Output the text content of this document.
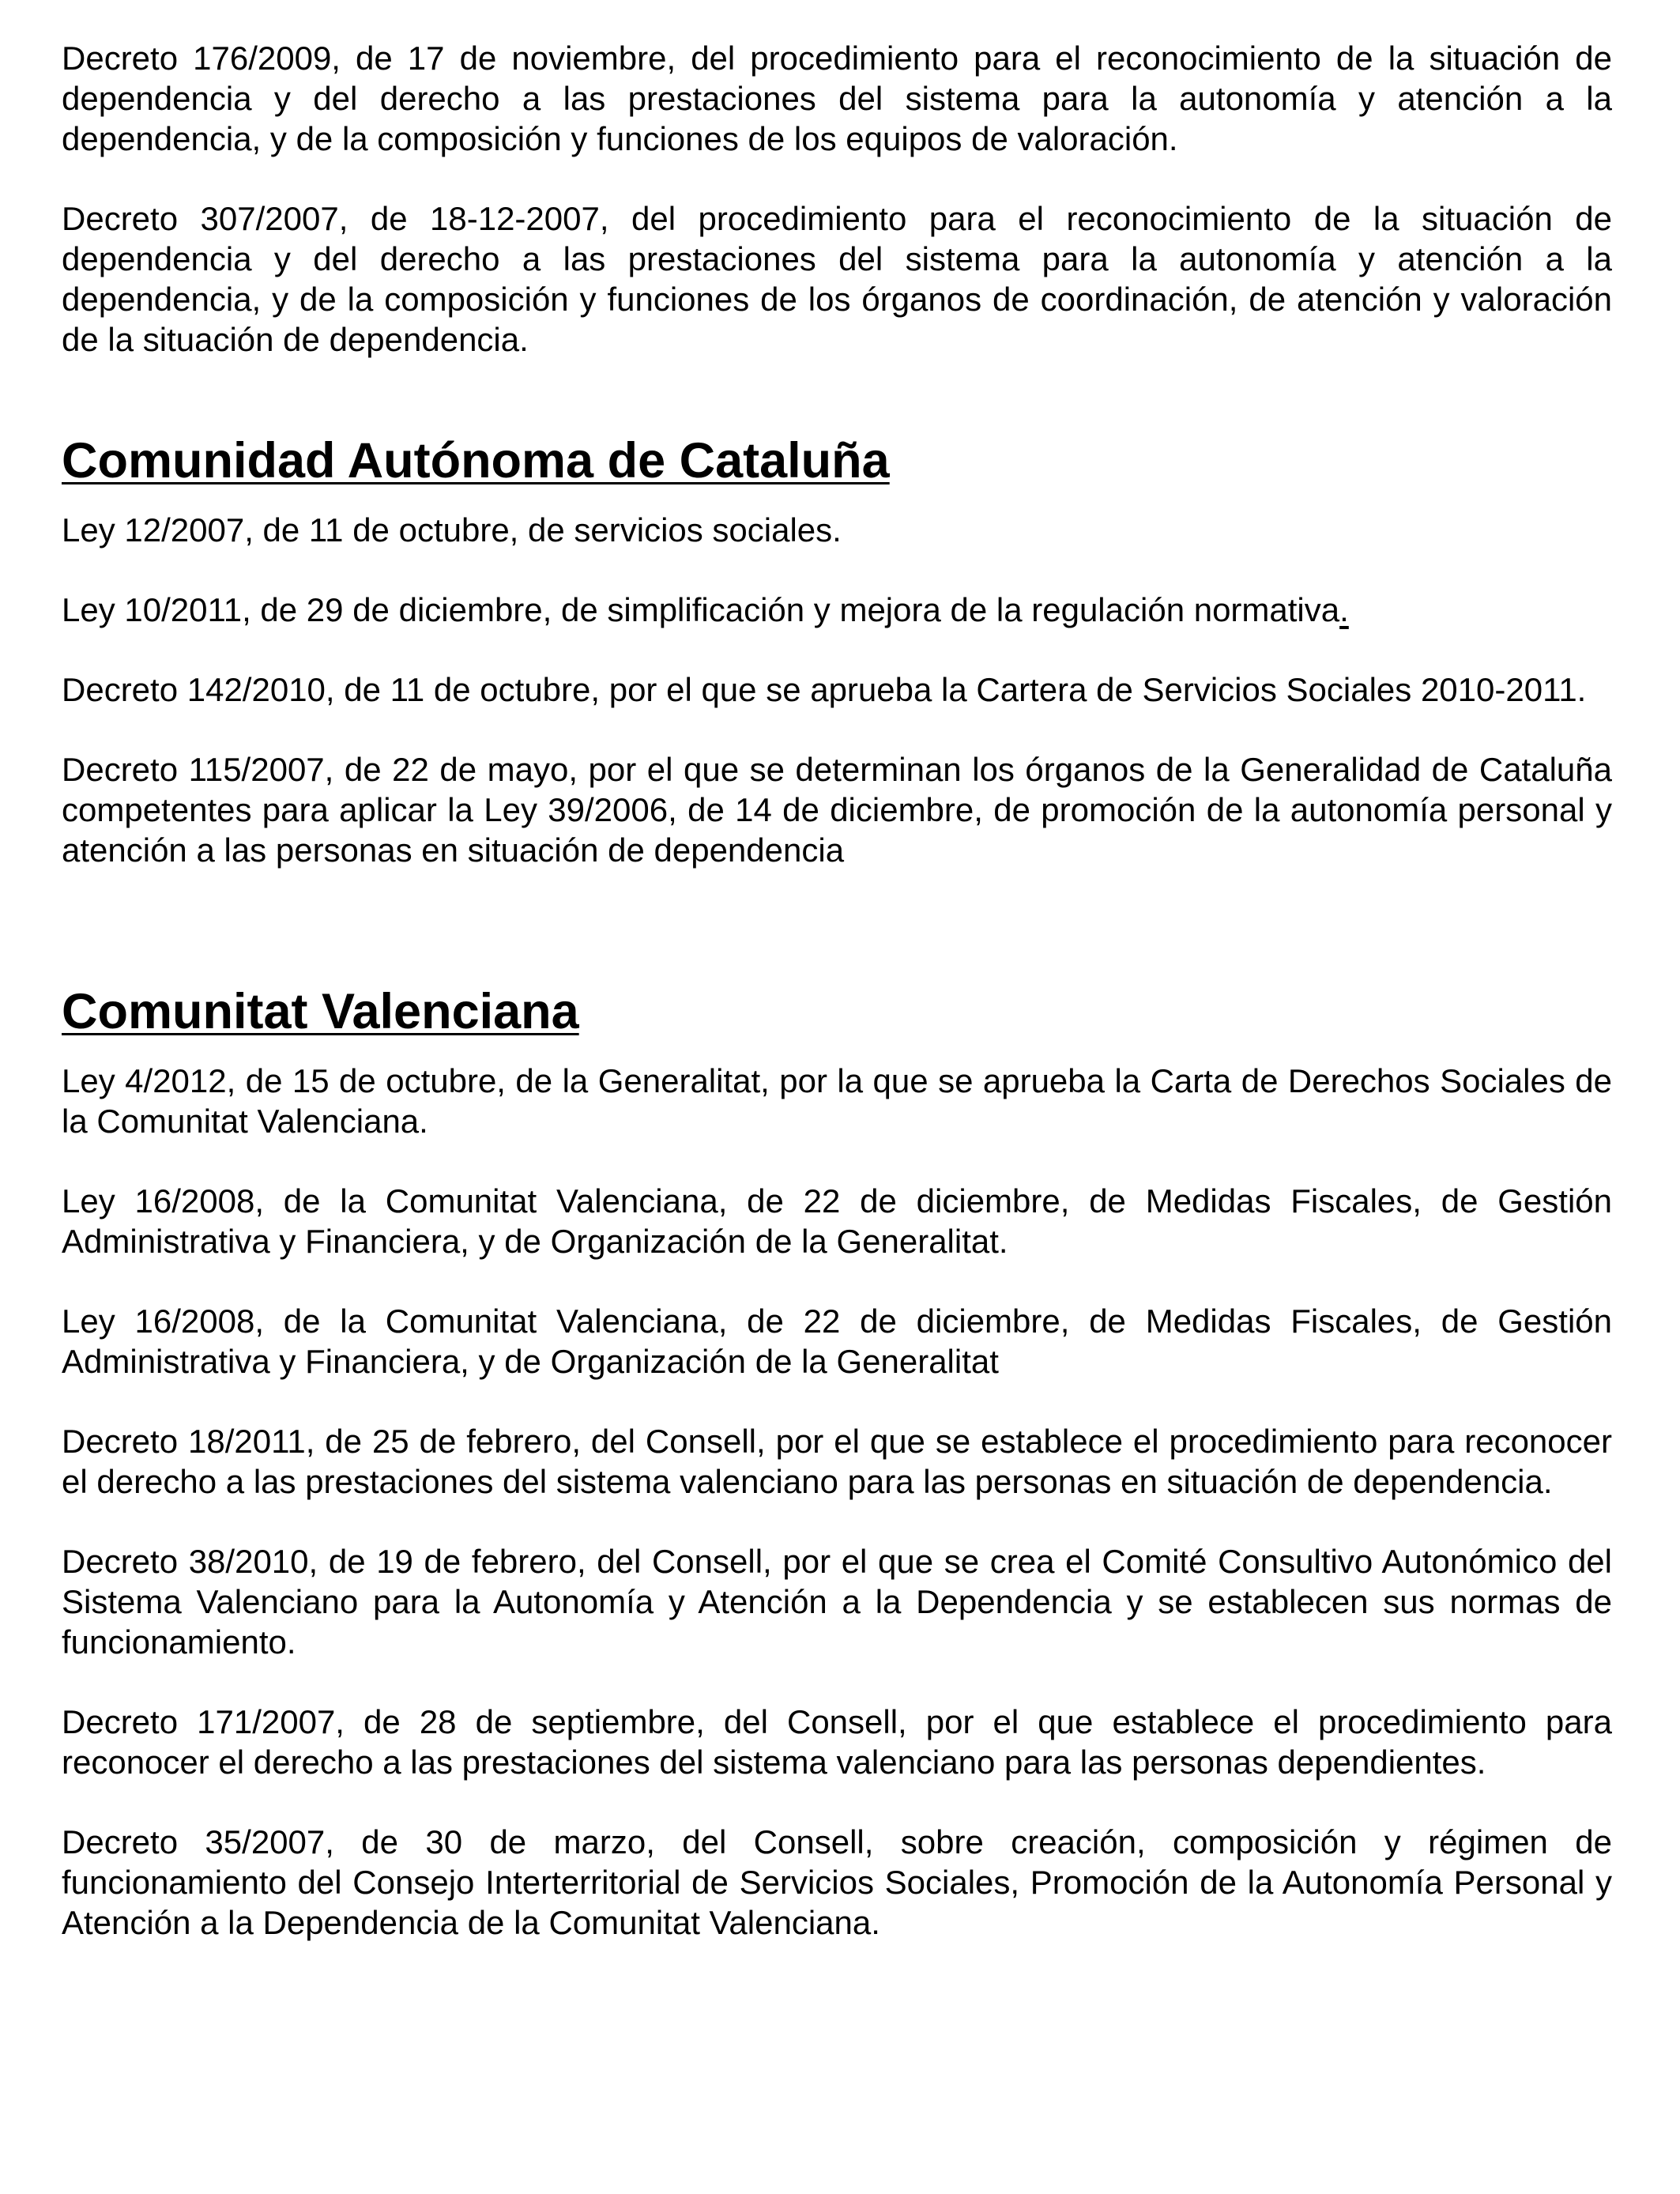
Decreto 176/2009, de 17 de noviembre, del procedimiento para el reconocimiento de la situación de dependencia y del derecho a las prestaciones del sistema para la autonomía y atención a la dependencia, y de la composición y funciones de los equipos de valoración.

Decreto 307/2007, de 18-12-2007, del procedimiento para el reconocimiento de la situación de dependencia y del derecho a las prestaciones del sistema para la autonomía y atención a la dependencia, y de la composición y funciones de los órganos de coordinación, de atención y valoración de la situación de dependencia.

Comunidad Autónoma de Cataluña

Ley 12/2007, de 11 de octubre, de servicios sociales.

Ley 10/2011, de 29 de diciembre, de simplificación y mejora de la regulación normativa.

Decreto 142/2010, de 11 de octubre, por el que se aprueba la Cartera de Servicios Sociales 2010-2011.

Decreto 115/2007, de 22 de mayo, por el que se determinan los órganos de la Generalidad de Cataluña competentes para aplicar la Ley 39/2006, de 14 de diciembre, de promoción de la autonomía personal y atención a las personas en situación de dependencia

Comunitat Valenciana

Ley 4/2012, de 15 de octubre, de la Generalitat, por la que se aprueba la Carta de Derechos Sociales de la Comunitat Valenciana.

Ley 16/2008, de la Comunitat Valenciana, de 22 de diciembre, de Medidas Fiscales, de Gestión Administrativa y Financiera, y de Organización de la Generalitat.

Ley 16/2008, de la Comunitat Valenciana, de 22 de diciembre, de Medidas Fiscales, de Gestión Administrativa y Financiera, y de Organización de la Generalitat

Decreto 18/2011, de 25 de febrero, del Consell, por el que se establece el procedimiento para reconocer el derecho a las prestaciones del sistema valenciano para las personas en situación de dependencia.

Decreto 38/2010, de 19 de febrero, del Consell, por el que se crea el Comité Consultivo Autonómico del Sistema Valenciano para la Autonomía y Atención a la Dependencia y se establecen sus normas de funcionamiento.

Decreto 171/2007, de 28 de septiembre, del Consell, por el que establece el procedimiento para reconocer el derecho a las prestaciones del sistema valenciano para las personas dependientes.

Decreto 35/2007, de 30 de marzo, del Consell, sobre creación, composición y régimen de funcionamiento del Consejo Interterritorial de Servicios Sociales, Promoción de la Autonomía Personal y Atención a la Dependencia de la Comunitat Valenciana.
